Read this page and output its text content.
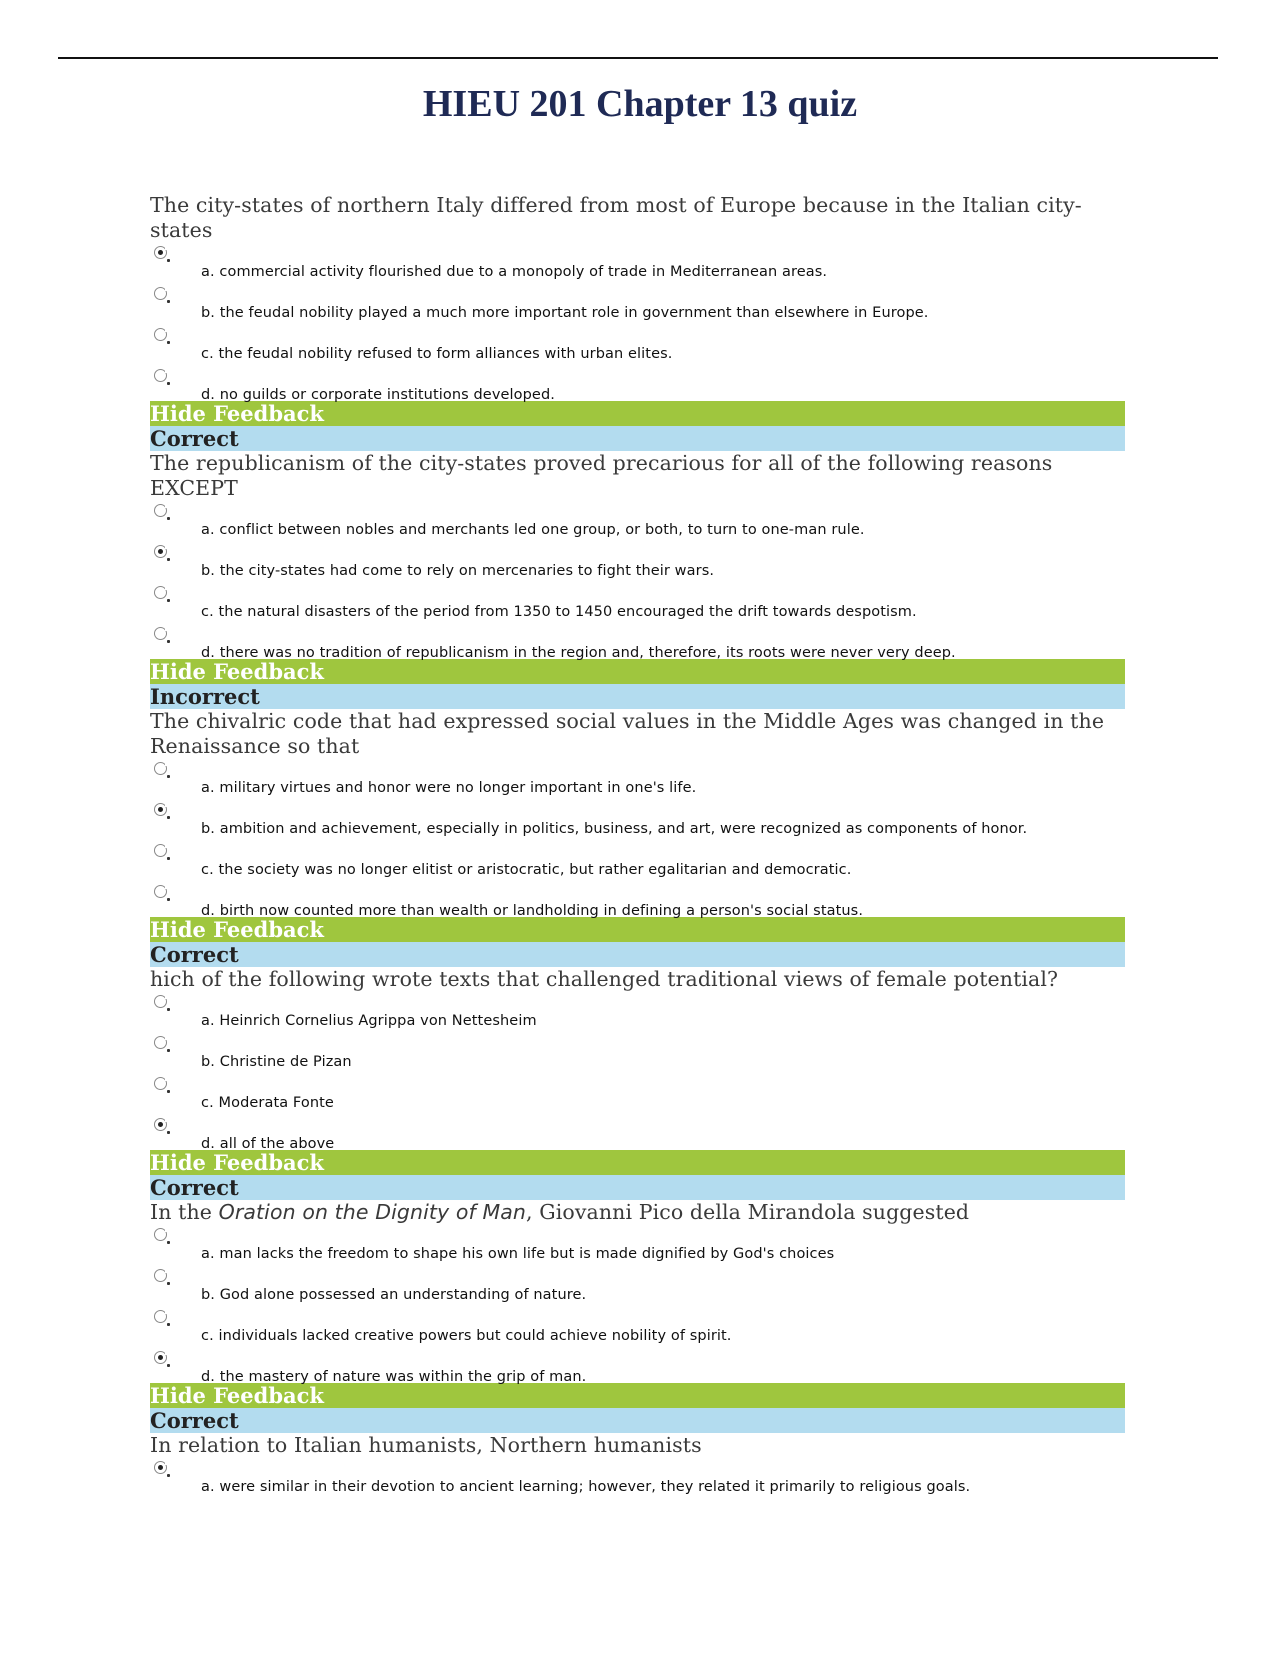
HIEU 201 Chapter 13 quiz

The city-states of northern Italy differed from most of Europe because in the Italian city-states

a. commercial activity flourished due to a monopoly of trade in Mediterranean areas.
b. the feudal nobility played a much more important role in government than elsewhere in Europe.
c. the feudal nobility refused to form alliances with urban elites.
d. no guilds or corporate institutions developed.
Hide Feedback
Correct

The republicanism of the city-states proved precarious for all of the following reasons EXCEPT

a. conflict between nobles and merchants led one group, or both, to turn to one-man rule.
b. the city-states had come to rely on mercenaries to fight their wars.
c. the natural disasters of the period from 1350 to 1450 encouraged the drift towards despotism.
d. there was no tradition of republicanism in the region and, therefore, its roots were never very deep.
Hide Feedback
Incorrect

The chivalric code that had expressed social values in the Middle Ages was changed in the Renaissance so that

a. military virtues and honor were no longer important in one's life.
b. ambition and achievement, especially in politics, business, and art, were recognized as components of honor.
c. the society was no longer elitist or aristocratic, but rather egalitarian and democratic.
d. birth now counted more than wealth or landholding in defining a person's social status.
Hide Feedback
Correct

hich of the following wrote texts that challenged traditional views of female potential?

a. Heinrich Cornelius Agrippa von Nettesheim
b. Christine de Pizan
c. Moderata Fonte
d. all of the above
Hide Feedback
Correct

In the Oration on the Dignity of Man, Giovanni Pico della Mirandola suggested

a. man lacks the freedom to shape his own life but is made dignified by God's choices
b. God alone possessed an understanding of nature.
c. individuals lacked creative powers but could achieve nobility of spirit.
d. the mastery of nature was within the grip of man.
Hide Feedback
Correct

In relation to Italian humanists, Northern humanists

a. were similar in their devotion to ancient learning; however, they related it primarily to religious goals.
